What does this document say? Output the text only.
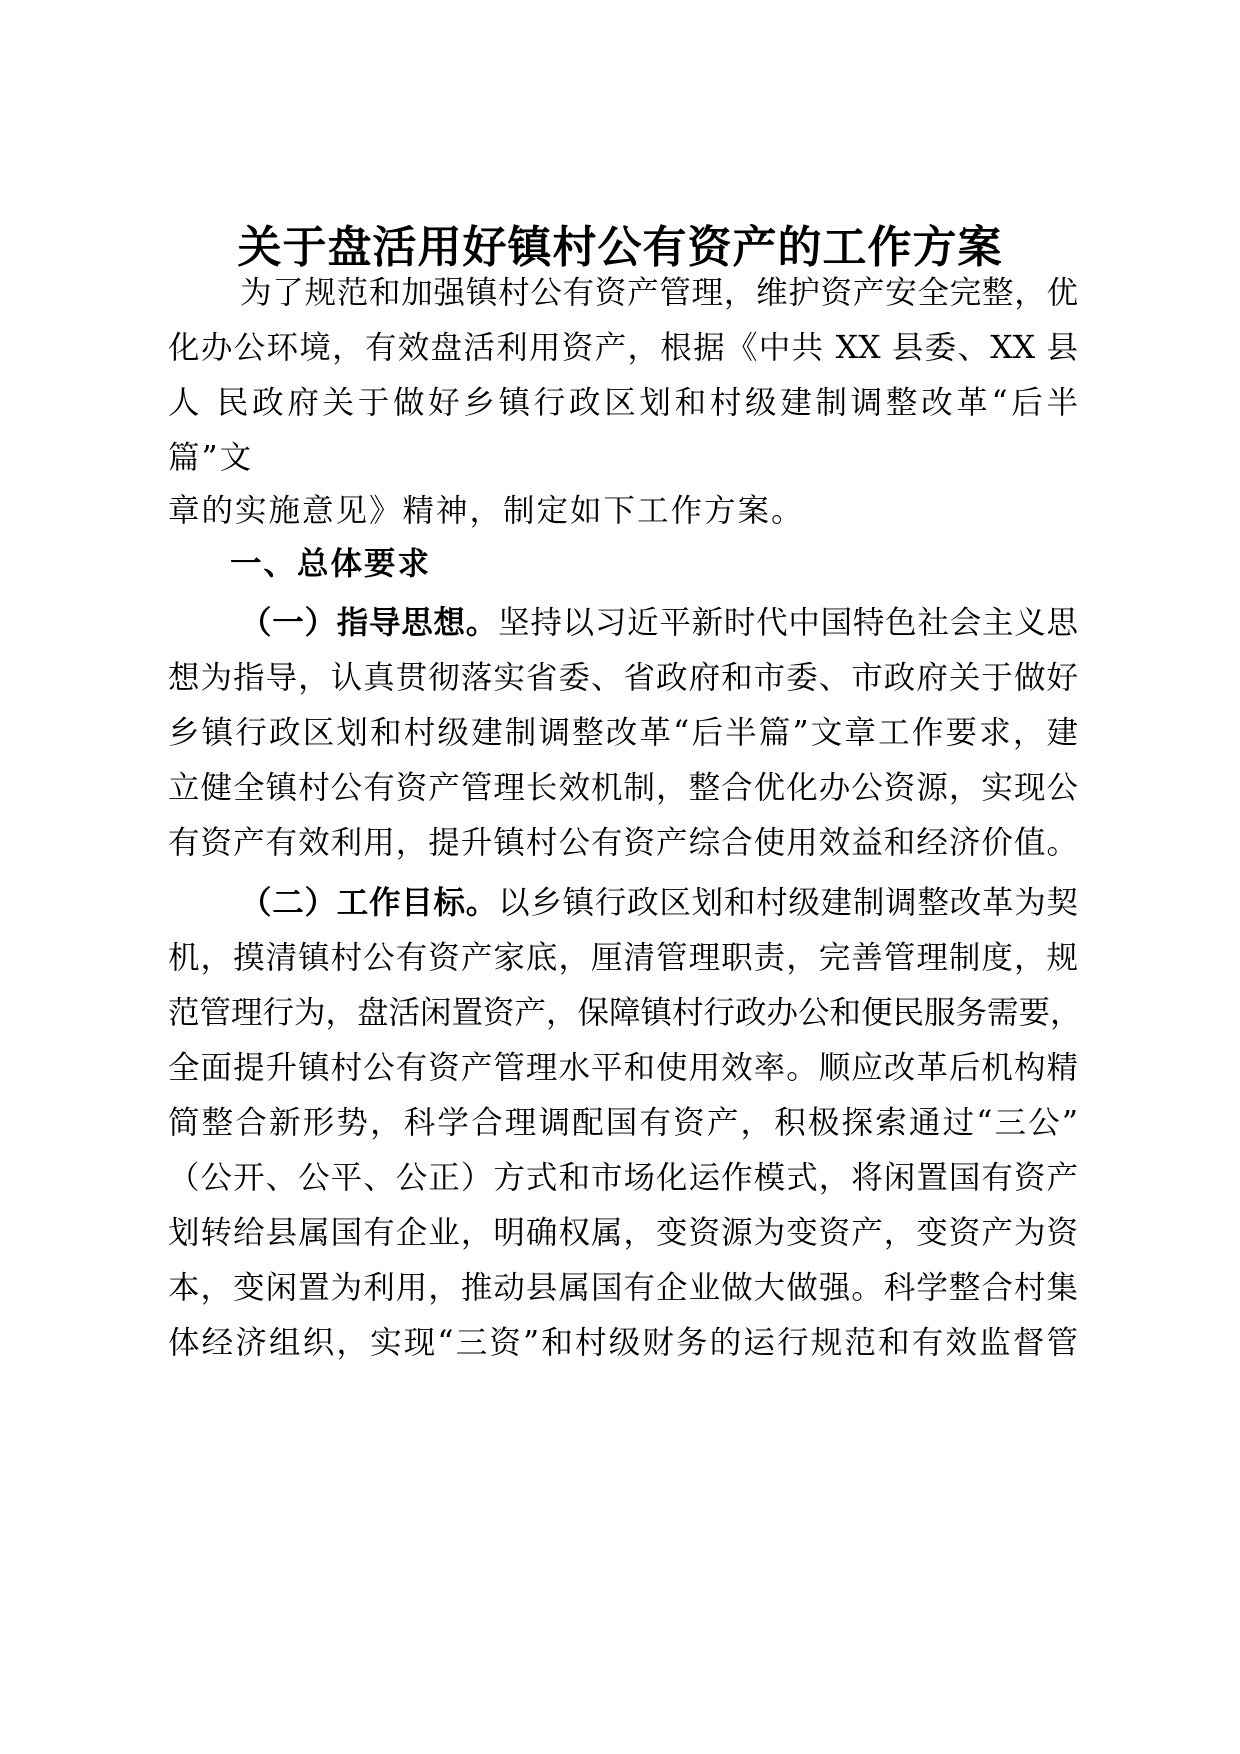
关于盘活用好镇村公有资产的工作方案
为了规范和加强镇村公有资产管理，维护资产安全完整，优
化办公环境，有效盘活利用资产，根据《中共 XX 县委、XX 县
人 民政府关于做好乡镇行政区划和村级建制调整改革“后半
篇”文
章的实施意见》精神，制定如下工作方案。
一、总体要求
（一）指导思想。坚持以习近平新时代中国特色社会主义思
想为指导，认真贯彻落实省委、省政府和市委、市政府关于做好
乡镇行政区划和村级建制调整改革“后半篇”文章工作要求，建
立健全镇村公有资产管理长效机制，整合优化办公资源，实现公
有资产有效利用，提升镇村公有资产综合使用效益和经济价值。
（二）工作目标。以乡镇行政区划和村级建制调整改革为契
机，摸清镇村公有资产家底，厘清管理职责，完善管理制度，规
范管理行为，盘活闲置资产，保障镇村行政办公和便民服务需要，
全面提升镇村公有资产管理水平和使用效率。顺应改革后机构精
简整合新形势，科学合理调配国有资产，积极探索通过“三公”
（公开、公平、公正）方式和市场化运作模式，将闲置国有资产
划转给县属国有企业，明确权属，变资源为变资产，变资产为资
本，变闲置为利用，推动县属国有企业做大做强。科学整合村集
体经济组织，实现“三资”和村级财务的运行规范和有效监督管
